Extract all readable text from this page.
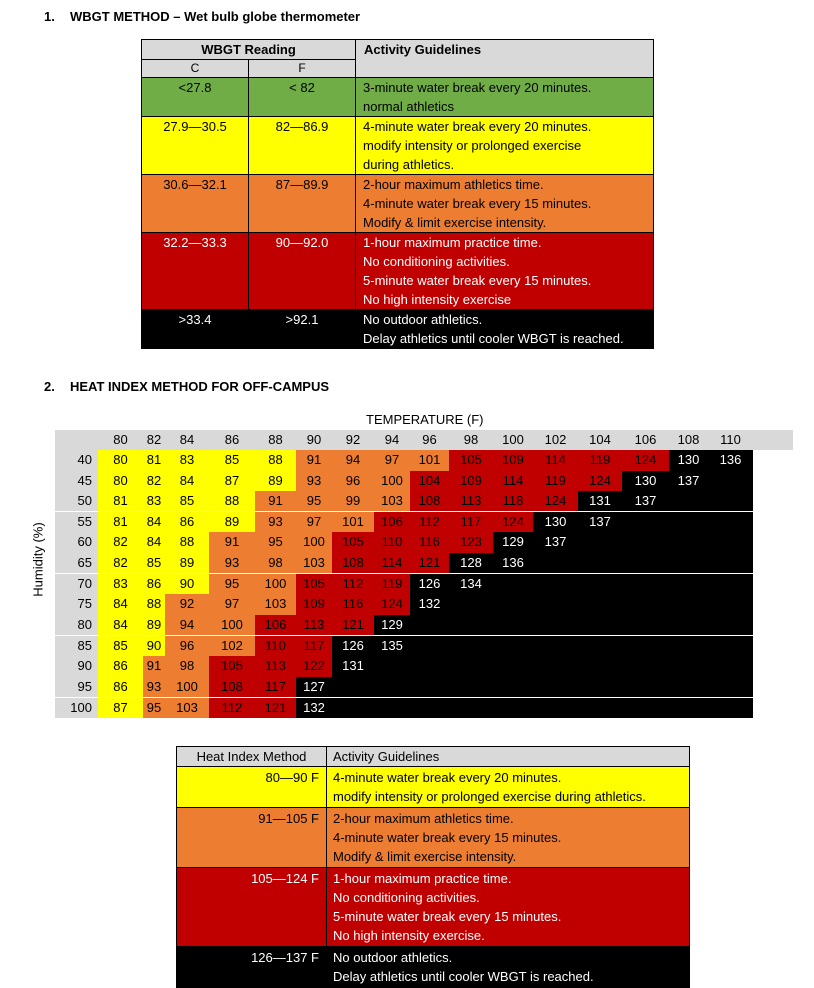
1. WBGT METHOD – Wet bulb globe thermometer
WBGT Reading		Activity Guidelines
C	F	
<27.8	< 82	3-minute water break every 20 minutes.
normal athletics

27.9—30.5	82—86.9	4-minute water break every 20 minutes.
modify intensity or prolonged exercise
during athletics.

30.6—32.1	87—89.9	2-hour maximum athletics time.
4-minute water break every 15 minutes.
Modify & limit exercise intensity.

32.2—33.3	90—92.0	1-hour maximum practice time.
No conditioning activities.
5-minute water break every 15 minutes.
No high intensity exercise

>33.4	>92.1	No outdoor athletics.
Delay athletics until cooler WBGT is reached.
2. HEAT INDEX METHOD FOR OFF-CAMPUS
TEMPERATURE (F)
Humidity (%)
80	82	84	86	88	90	92	94	96	98	100	102	104	106	108	110
40	80	81	83	85	88	91	94	97	101	105	109	114	119	124	130	136
45	80	82	84	87	89	93	96	100	104	109	114	119	124	130	137
50	81	83	85	88	91	95	99	103	108	113	118	124	131	137
55	81	84	86	89	93	97	101	106	112	117	124	130	137
60	82	84	88	91	95	100	105	110	116	123	129	137
65	82	85	89	93	98	103	108	114	121	128	136
70	83	86	90	95	100	105	112	119	126	134
75	84	88	92	97	103	109	116	124	132
80	84	89	94	100	106	113	121	129
85	85	90	96	102	110	117	126	135
90	86	91	98	105	113	122	131
95	86	93	100	108	117	127
100	87	95	103	112	121	132
Heat Index Method	Activity Guidelines
80—90 F	4-minute water break every 20 minutes.
modify intensity or prolonged exercise during athletics.

91—105 F	2-hour maximum athletics time.
4-minute water break every 15 minutes.
Modify & limit exercise intensity.

105—124 F	1-hour maximum practice time.
No conditioning activities.
5-minute water break every 15 minutes.
No high intensity exercise.

126—137 F	No outdoor athletics.
Delay athletics until cooler WBGT is reached.
